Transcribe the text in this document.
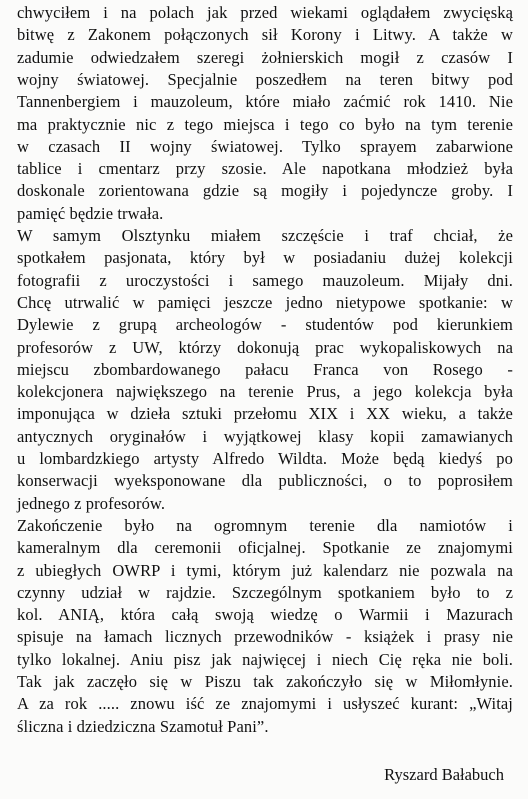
chwyciłem i na polach jak przed wiekami oglądałem zwycięską
bitwę z Zakonem połączonych sił Korony i Litwy. A także w
zadumie odwiedzałem szeregi żołnierskich mogił z czasów I
wojny światowej. Specjalnie poszedłem na teren bitwy pod
Tannenbergiem i mauzoleum, które miało zaćmić rok 1410. Nie
ma praktycznie nic z tego miejsca i tego co było na tym terenie
w czasach II wojny światowej. Tylko sprayem zabarwione
tablice i cmentarz przy szosie. Ale napotkana młodzież była
doskonale zorientowana gdzie są mogiły i pojedyncze groby. I
pamięć będzie trwała.
W samym Olsztynku miałem szczęście i traf chciał, że
spotkałem pasjonata, który był w posiadaniu dużej kolekcji
fotografii z uroczystości i samego mauzoleum. Mijały dni.
Chcę utrwalić w pamięci jeszcze jedno nietypowe spotkanie: w
Dylewie z grupą archeologów - studentów pod kierunkiem
profesorów z UW, którzy dokonują prac wykopaliskowych na
miejscu zbombardowanego pałacu Franca von Rosego -
kolekcjonera największego na terenie Prus, a jego kolekcja była
imponująca w dzieła sztuki przełomu XIX i XX wieku, a także
antycznych oryginałów i wyjątkowej klasy kopii zamawianych
u lombardzkiego artysty Alfredo Wildta. Może będą kiedyś po
konserwacji wyeksponowane dla publiczności, o to poprosiłem
jednego z profesorów.
Zakończenie było na ogromnym terenie dla namiotów i
kameralnym dla ceremonii oficjalnej. Spotkanie ze znajomymi
z ubiegłych OWRP i tymi, którym już kalendarz nie pozwala na
czynny udział w rajdzie. Szczególnym spotkaniem było to z
kol. ANIĄ, która całą swoją wiedzę o Warmii i Mazurach
spisuje na łamach licznych przewodników - książek i prasy nie
tylko lokalnej. Aniu pisz jak najwięcej i niech Cię ręka nie boli.
Tak jak zaczęło się w Piszu tak zakończyło się w Miłomłynie.
A za rok ..... znowu iść ze znajomymi i usłyszeć kurant: „Witaj
śliczna i dziedziczna Szamotuł Pani”.
Ryszard Bałabuch
